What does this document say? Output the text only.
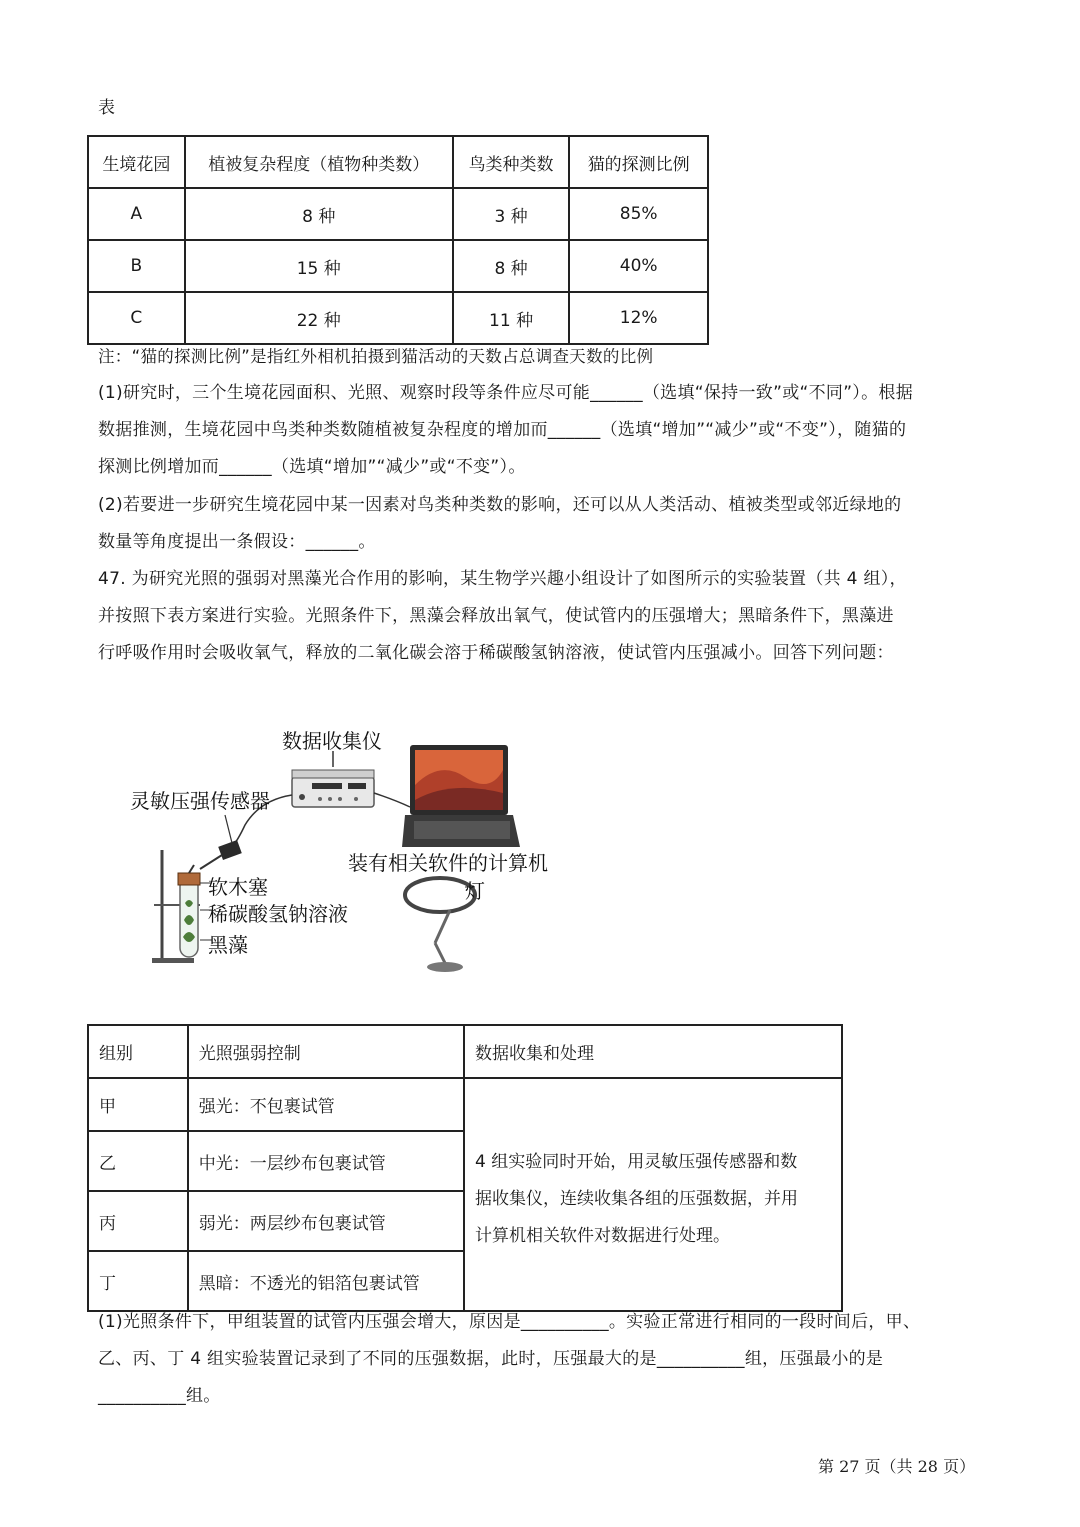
表
生境花园	植被复杂程度（植物种类数）	鸟类种类数	猫的探测比例
A	8 种	3 种	85%
B	15 种	8 种	40%
C	22 种	11 种	12%
注：“猫的探测比例”是指红外相机拍摄到猫活动的天数占总调查天数的比例
(1)研究时，三个生境花园面积、光照、观察时段等条件应尽可能______（选填“保持一致”或“不同”）。根据
数据推测，生境花园中鸟类种类数随植被复杂程度的增加而______（选填“增加”“减少”或“不变”），随猫的
探测比例增加而______（选填“增加”“减少”或“不变”）。
(2)若要进一步研究生境花园中某一因素对鸟类种类数的影响，还可以从人类活动、植被类型或邻近绿地的
数量等角度提出一条假设：______。
47. 为研究光照的强弱对黑藻光合作用的影响，某生物学兴趣小组设计了如图所示的实验装置（共 4 组），
并按照下表方案进行实验。光照条件下，黑藻会释放出氧气，使试管内的压强增大；黑暗条件下，黑藻进
行呼吸作用时会吸收氧气，释放的二氧化碳会溶于稀碳酸氢钠溶液，使试管内压强减小。回答下列问题：
数据收集仪
灵敏压强传感器
装有相关软件的计算机
灯
软木塞
稀碳酸氢钠溶液
黑藻
组别	光照强弱控制	数据收集和处理
甲	强光：不包裹试管	4 组实验同时开始，用灵敏压强传感器和数
据收集仪，连续收集各组的压强数据，并用
计算机相关软件对数据进行处理。

乙	中光：一层纱布包裹试管	
丙	弱光：两层纱布包裹试管	
丁	黑暗：不透光的铝箔包裹试管	
(1)光照条件下，甲组装置的试管内压强会增大，原因是__________。实验正常进行相同的一段时间后，甲、
乙、丙、丁 4 组实验装置记录到了不同的压强数据，此时，压强最大的是__________组，压强最小的是
__________组。
第 27 页（共 28 页）
